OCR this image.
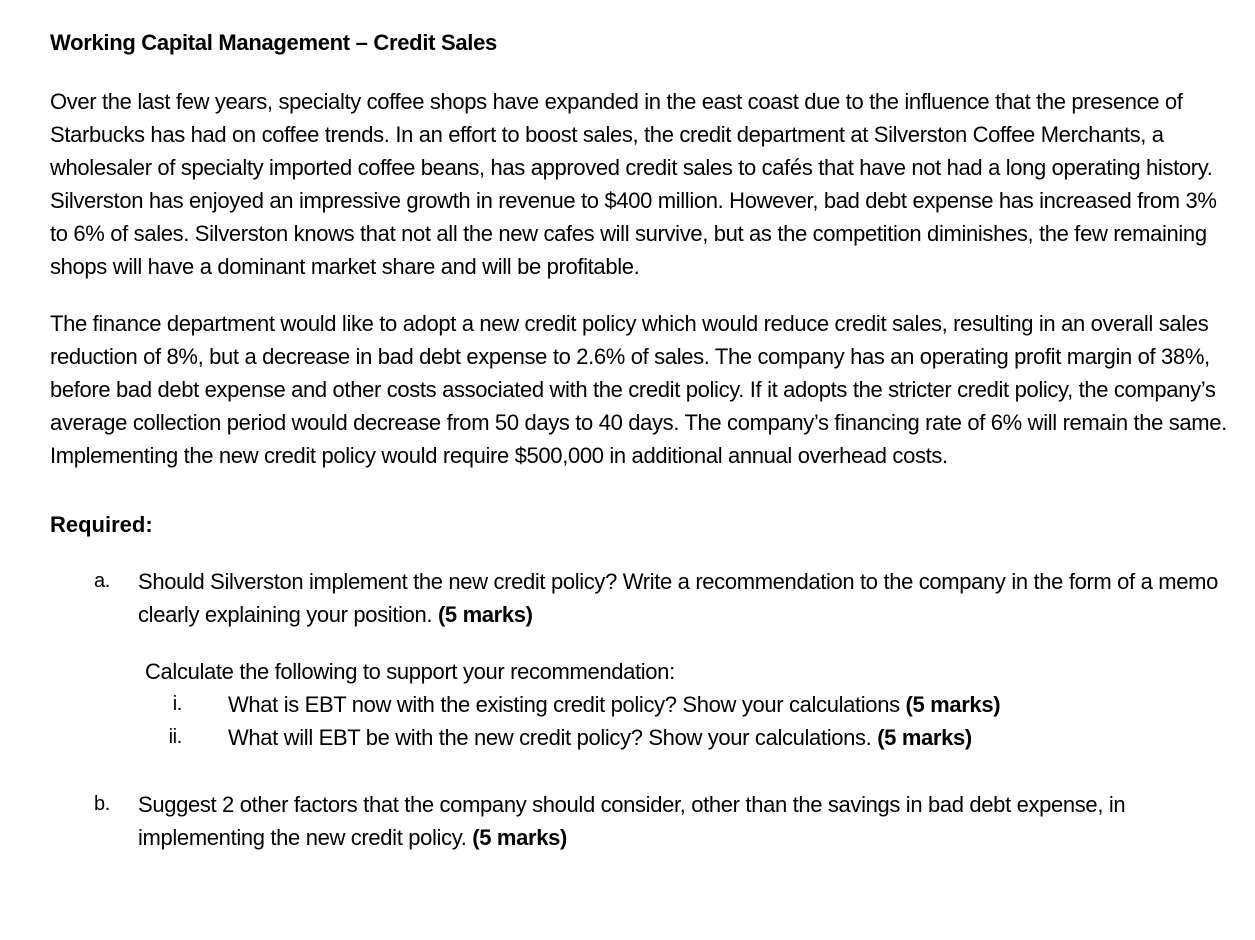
Working Capital Management – Credit Sales

Over the last few years, specialty coffee shops have expanded in the east coast due to the influence that the presence of Starbucks has had on coffee trends. In an effort to boost sales, the credit department at Silverston Coffee Merchants, a wholesaler of specialty imported coffee beans, has approved credit sales to cafés that have not had a long operating history. Silverston has enjoyed an impressive growth in revenue to $400 million. However, bad debt expense has increased from 3% to 6% of sales. Silverston knows that not all the new cafes will survive, but as the competition diminishes, the few remaining shops will have a dominant market share and will be profitable.

The finance department would like to adopt a new credit policy which would reduce credit sales, resulting in an overall sales reduction of 8%, but a decrease in bad debt expense to 2.6% of sales. The company has an operating profit margin of 38%, before bad debt expense and other costs associated with the credit policy. If it adopts the stricter credit policy, the company’s average collection period would decrease from 50 days to 40 days. The company’s financing rate of 6% will remain the same. Implementing the new credit policy would require $500,000 in additional annual overhead costs.

Required:
a.	Should Silverston implement the new credit policy? Write a recommendation to the company in the form of a memo clearly explaining your position. (5 marks)
Calculate the following to support your recommendation:
i.	What is EBT now with the existing credit policy? Show your calculations (5 marks)
ii.	What will EBT be with the new credit policy? Show your calculations. (5 marks)
b.	Suggest 2 other factors that the company should consider, other than the savings in bad debt expense, in implementing the new credit policy. (5 marks)
